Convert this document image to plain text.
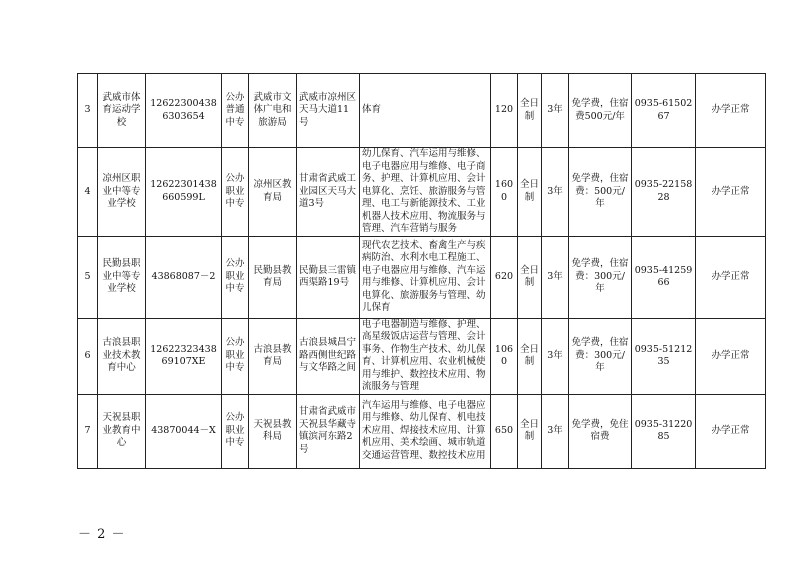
3	武威市体育运动学校	126223004386303654	公办普通中专	武威市文体广电和旅游局	武威市凉州区天马大道11号	体育	120	全日制	3年	免学费，住宿费500元/年	0935-6150267	办学正常
4	凉州区职业中等专业学校	12622301438660599L	公办职业中专	凉州区教育局	甘肃省武威工业园区天马大道3号	幼儿保育、汽车运用与维修、电子电器应用与维修、电子商务、护理、计算机应用、会计电算化、烹饪、旅游服务与管理、电工与新能源技术、工业机器人技术应用、物流服务与管理、汽车营销与服务	1600	全日制	3年	免学费，住宿费：500元/年	0935-2215828	办学正常
5	民勤县职业中等专业学校	43868087－2	公办职业中专	民勤县教育局	民勤县三雷镇西渠路19号	现代农艺技术、畜禽生产与疾病防治、水利水电工程施工、电子电器应用与维修、汽车运用与维修、计算机应用、会计电算化、旅游服务与管理、幼儿保育	620	全日制	3年	免学费，住宿费：300元/年	0935-4125966	办学正常
6	古浪县职业技术教育中心	1262232343869107XE	公办职业中专	古浪县教育局	古浪县城昌宁路西侧世纪路与文华路之间	电子电器制造与维修、护理、高星级饭店运营与管理、会计事务、作物生产技术、幼儿保育、计算机应用、农业机械使用与维护、数控技术应用、物流服务与管理	1060	全日制	3年	免学费，住宿费：300元/年	0935-5121235	办学正常
7	天祝县职业教育中心	43870044－X	公办职业中专	天祝县教科局	甘肃省武威市天祝县华藏寺镇滨河东路2号	汽车运用与维修、电子电器应用与维修、幼儿保育、机电技术应用、焊接技术应用、计算机应用、美术绘画、城市轨道交通运营管理、数控技术应用	650	全日制	3年	免学费，免住宿费	0935-3122085	办学正常
－ 2 －
